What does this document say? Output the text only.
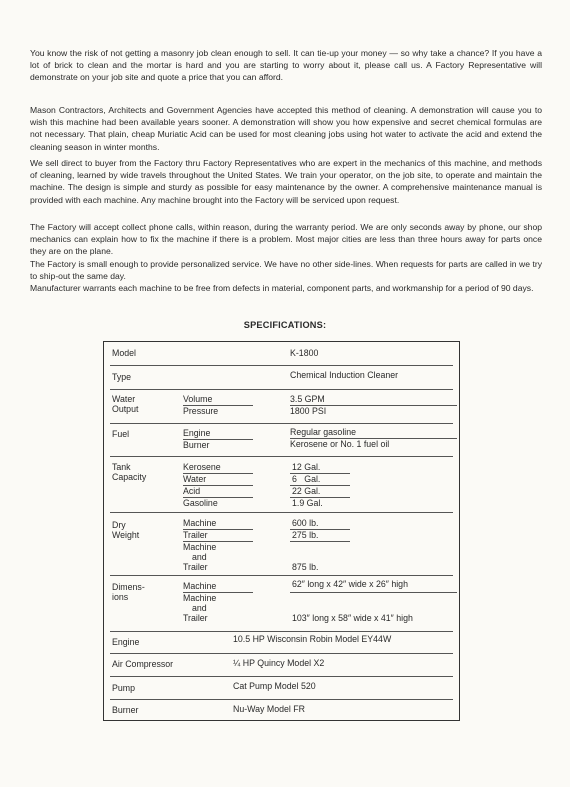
You know the risk of not getting a masonry job clean enough to sell. It can tie-up your money — so why take a chance? If you have a lot of brick to clean and the mortar is hard and you are starting to worry about it, please call us. A Factory Representative will demonstrate on your job site and quote a price that you can afford.

Mason Contractors, Architects and Government Agencies have accepted this method of cleaning. A demonstration will cause you to wish this machine had been available years sooner. A demonstration will show you how expensive and secret chemical formulas are not necessary. That plain, cheap Muriatic Acid can be used for most cleaning jobs using hot water to activate the acid and extend the cleaning season in winter months.

We sell direct to buyer from the Factory thru Factory Representatives who are expert in the mechanics of this machine, and methods of cleaning, learned by wide travels throughout the United States. We train your operator, on the job site, to operate and maintain the machine. The design is simple and sturdy as possible for easy maintenance by the owner. A comprehensive maintenance manual is provided with each machine. Any machine brought into the Factory will be serviced upon request.

The Factory will accept collect phone calls, within reason, during the warranty period. We are only seconds away by phone, our shop mechanics can explain how to fix the machine if there is a problem. Most major cities are less than three hours away for parts once they are on the plane.

The Factory is small enough to provide personalized service. We have no other side-lines. When requests for parts are called in we try to ship-out the same day.

Manufacturer warrants each machine to be free from defects in material, component parts, and workmanship for a period of 90 days.

SPECIFICATIONS:
Model	K-1800
Type	Chemical Induction Cleaner
Water
Output
Volume	3.5 GPM
Pressure	1800 PSI
Fuel	Engine	Regular gasoline
Burner	Kerosene or No. 1 fuel oil
Tank
Capacity
Kerosene	12 Gal.
Water	6   Gal.
Acid	22 Gal.
Gasoline	1.9 Gal.
Dry
Weight
Machine	600 lb.
Trailer	275 lb.
Machine
and
Trailer	875 lb.
Dimens-
ions
Machine	62″ long x 42″ wide x 26″ high
Machine
and
Trailer	103″ long x 58″ wide x 41″ high
Engine	10.5 HP Wisconsin Robin Model EY44W
Air Compressor	¼ HP Quincy Model X2
Pump	Cat Pump Model 520
Burner	Nu-Way Model FR
